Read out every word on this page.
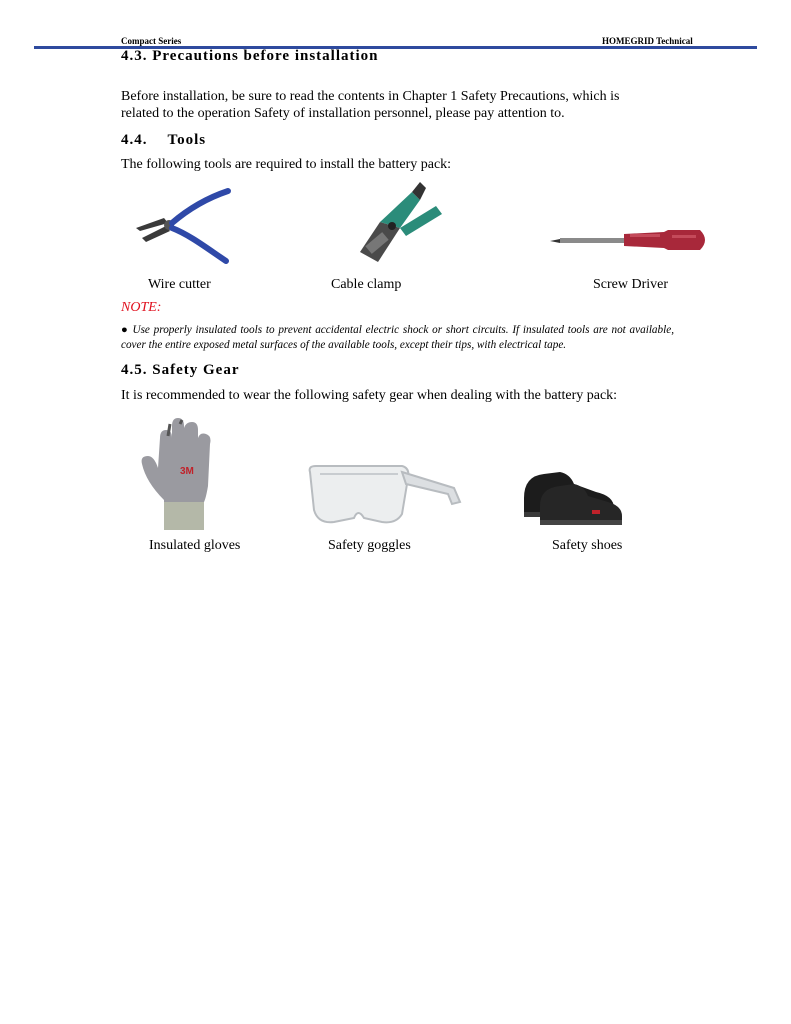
Compact Series	HOMEGRID Technical
4.3. Precautions before installation
Before installation, be sure to read the contents in Chapter 1 Safety Precautions, which is related to the operation Safety of installation personnel, please pay attention to.
4.4. Tools
The following tools are required to install the battery pack:
Wire cutter	Cable clamp	Screw Driver
NOTE:
● Use properly insulated tools to prevent accidental electric shock or short circuits. If insulated tools are not available, cover the entire exposed metal surfaces of the available tools, except their tips, with electrical tape.
4.5. Safety Gear
It is recommended to wear the following safety gear when dealing with the battery pack:
3M
Insulated gloves	Safety goggles	Safety shoes
